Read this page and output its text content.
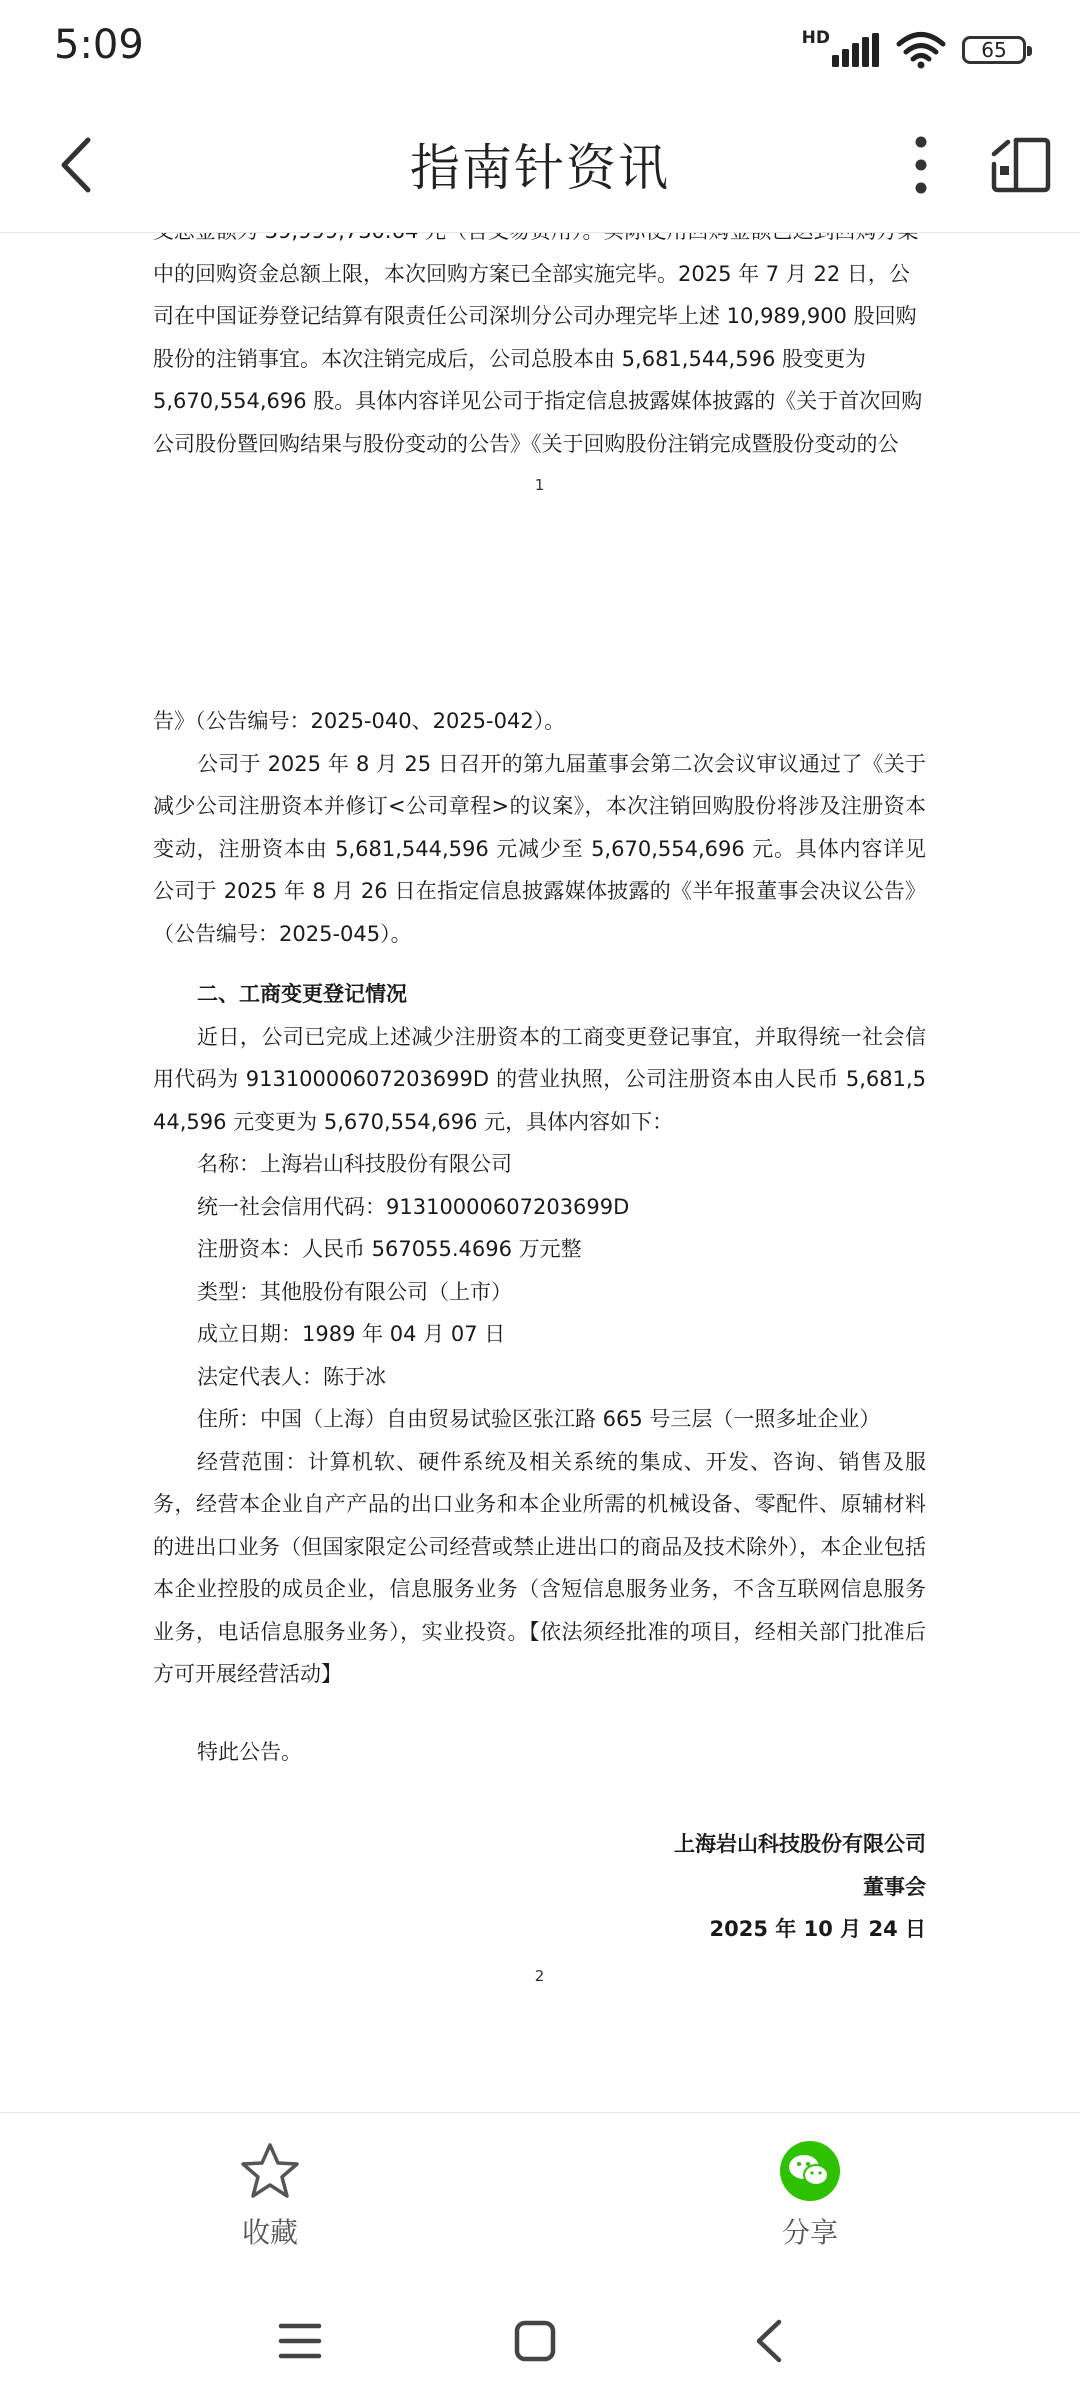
5:09	HD	65
指南针资讯

中的回购资金总额上限，本次回购方案已全部实施完毕。2025 年 7 月 22 日，公

司在中国证券登记结算有限责任公司深圳分公司办理完毕上述 10,989,900 股回购

股份的注销事宜。本次注销完成后，公司总股本由 5,681,544,596 股变更为

5,670,554,696 股。具体内容详见公司于指定信息披露媒体披露的《关于首次回购

公司股份暨回购结果与股份变动的公告》《关于回购股份注销完成暨股份变动的公

1

告》（公告编号：2025-040、2025-042）。

公司于 2025 年 8 月 25 日召开的第九届董事会第二次会议审议通过了《关于减少公司注册资本并修订<公司章程>的议案》，本次注销回购股份将涉及注册资本变动，注册资本由 5,681,544,596 元减少至 5,670,554,696 元。具体内容详见公司于 2025 年 8 月 26 日在指定信息披露媒体披露的《半年报董事会决议公告》（公告编号：2025-045）。

二、工商变更登记情况

近日，公司已完成上述减少注册资本的工商变更登记事宜，并取得统一社会信用代码为 91310000607203699D 的营业执照，公司注册资本由人民币 5,681,544,596 元变更为 5,670,554,696 元，具体内容如下：

名称：上海岩山科技股份有限公司

统一社会信用代码：91310000607203699D

注册资本：人民币 567055.4696 万元整

类型：其他股份有限公司（上市）

成立日期：1989 年 04 月 07 日

法定代表人：陈于冰

住所：中国（上海）自由贸易试验区张江路 665 号三层（一照多址企业）

经营范围：计算机软、硬件系统及相关系统的集成、开发、咨询、销售及服务，经营本企业自产产品的出口业务和本企业所需的机械设备、零配件、原辅材料的进出口业务（但国家限定公司经营或禁止进出口的商品及技术除外），本企业包括本企业控股的成员企业，信息服务业务（含短信息服务业务，不含互联网信息服务业务，电话信息服务业务），实业投资。【依法须经批准的项目，经相关部门批准后方可开展经营活动】

特此公告。

上海岩山科技股份有限公司

董事会

2025 年 10 月 24 日

2
收藏	分享
